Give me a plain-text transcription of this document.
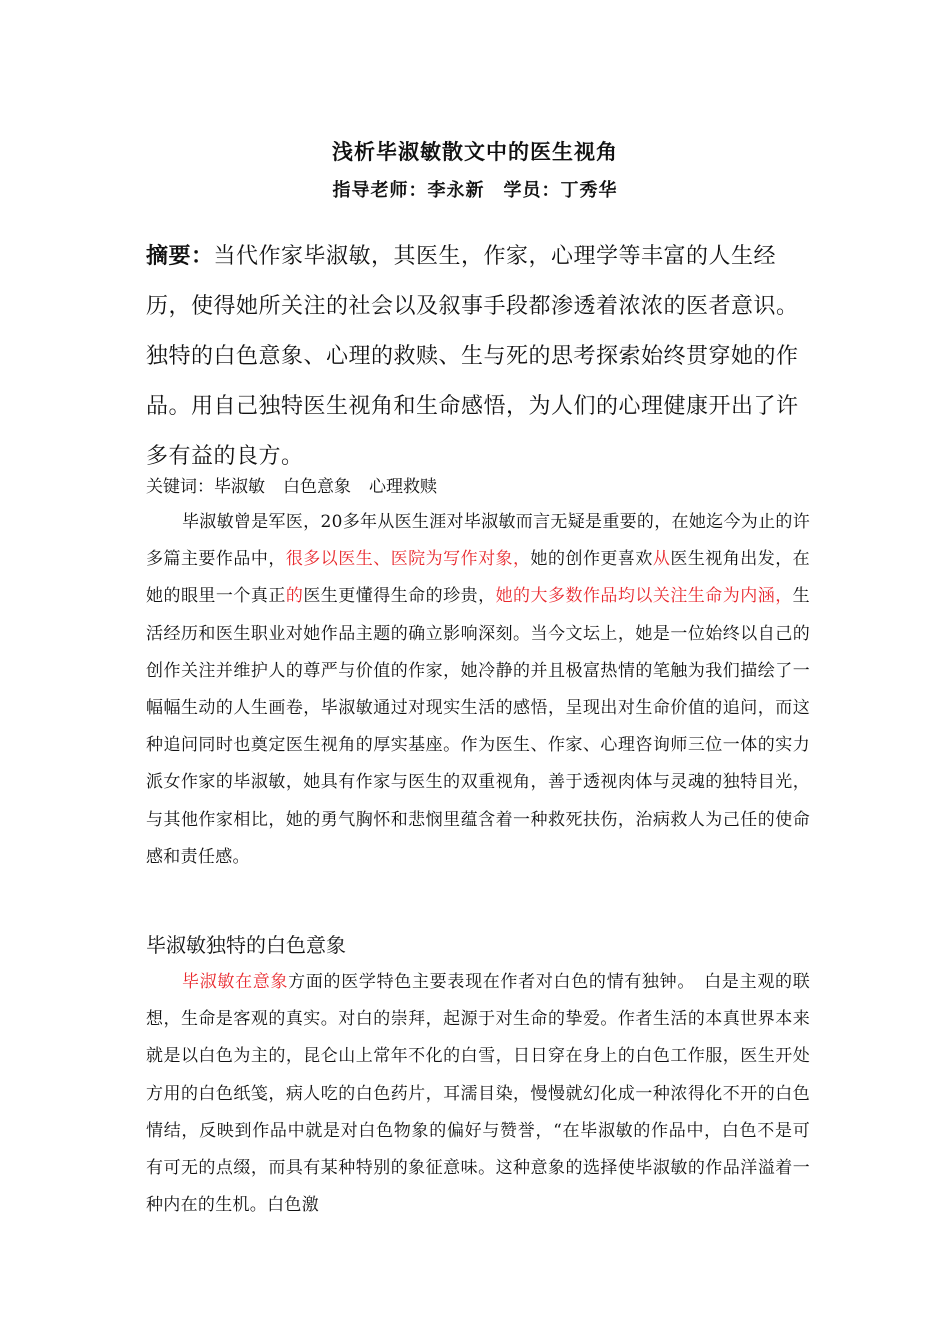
浅析毕淑敏散文中的医生视角
指导老师：李永新　学员：丁秀华
摘要：当代作家毕淑敏，其医生，作家，心理学等丰富的人生经历，使得她所关注的社会以及叙事手段都渗透着浓浓的医者意识。独特的白色意象、心理的救赎、生与死的思考探索始终贯穿她的作品。用自己独特医生视角和生命感悟，为人们的心理健康开出了许多有益的良方。
关键词：毕淑敏 白色意象 心理救赎
毕淑敏曾是军医，20多年从医生涯对毕淑敏而言无疑是重要的，在她迄今为止的许多篇主要作品中，很多以医生、医院为写作对象，她的创作更喜欢从医生视角出发，在她的眼里一个真正的医生更懂得生命的珍贵，她的大多数作品均以关注生命为内涵，生活经历和医生职业对她作品主题的确立影响深刻。当今文坛上，她是一位始终以自己的创作关注并维护人的尊严与价值的作家，她冷静的并且极富热情的笔触为我们描绘了一幅幅生动的人生画卷，毕淑敏通过对现实生活的感悟，呈现出对生命价值的追问，而这种追问同时也奠定医生视角的厚实基座。作为医生、作家、心理咨询师三位一体的实力派女作家的毕淑敏，她具有作家与医生的双重视角，善于透视肉体与灵魂的独特目光，与其他作家相比，她的勇气胸怀和悲悯里蕴含着一种救死扶伤，治病救人为己任的使命感和责任感。
毕淑敏独特的白色意象
毕淑敏在意象方面的医学特色主要表现在作者对白色的情有独钟。　白是主观的联想，生命是客观的真实。对白的崇拜，起源于对生命的挚爱。作者生活的本真世界本来就是以白色为主的，昆仑山上常年不化的白雪，日日穿在身上的白色工作服，医生开处方用的白色纸笺，病人吃的白色药片，耳濡目染，慢慢就幻化成一种浓得化不开的白色情结，反映到作品中就是对白色物象的偏好与赞誉，“在毕淑敏的作品中，白色不是可有可无的点缀，而具有某种特别的象征意味。这种意象的选择使毕淑敏的作品洋溢着一种内在的生机。白色激
